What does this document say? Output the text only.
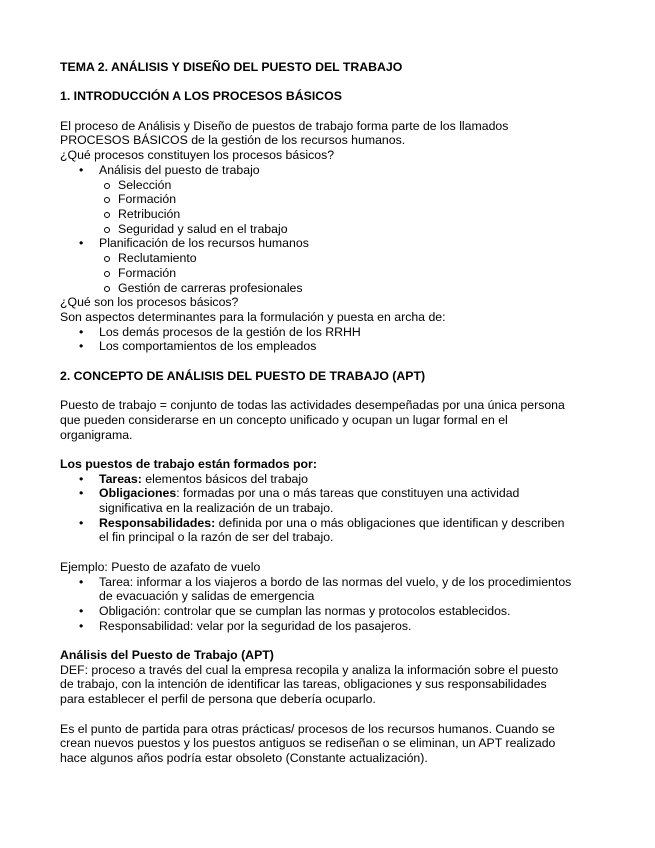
TEMA 2. ANÁLISIS Y DISEÑO DEL PUESTO DEL TRABAJO

1. INTRODUCCIÓN A LOS PROCESOS BÁSICOS

El proceso de Análisis y Diseño de puestos de trabajo forma parte de los llamados

PROCESOS BÁSICOS de la gestión de los recursos humanos.

¿Qué procesos constituyen los procesos básicos?

• Análisis del puesto de trabajo
Selección
Formación
Retribución
Seguridad y salud en el trabajo
• Planificación de los recursos humanos
Reclutamiento
Formación
Gestión de carreras profesionales

¿Qué son los procesos básicos?

Son aspectos determinantes para la formulación y puesta en archa de:

• Los demás procesos de la gestión de los RRHH
• Los comportamientos de los empleados

2. CONCEPTO DE ANÁLISIS DEL PUESTO DE TRABAJO (APT)

Puesto de trabajo = conjunto de todas las actividades desempeñadas por una única persona

que pueden considerarse en un concepto unificado y ocupan un lugar formal en el

organigrama.

Los puestos de trabajo están formados por:

• Tareas: elementos básicos del trabajo
• Obligaciones: formadas por una o más tareas que constituyen una actividad
significativa en la realización de un trabajo.
• Responsabilidades: definida por una o más obligaciones que identifican y describen
el fin principal o la razón de ser del trabajo.

Ejemplo: Puesto de azafato de vuelo

• Tarea: informar a los viajeros a bordo de las normas del vuelo, y de los procedimientos
de evacuación y salidas de emergencia
• Obligación: controlar que se cumplan las normas y protocolos establecidos.
• Responsabilidad: velar por la seguridad de los pasajeros.

Análisis del Puesto de Trabajo (APT)

DEF: proceso a través del cual la empresa recopila y analiza la información sobre el puesto

de trabajo, con la intención de identificar las tareas, obligaciones y sus responsabilidades

para establecer el perfil de persona que debería ocuparlo.

Es el punto de partida para otras prácticas/ procesos de los recursos humanos. Cuando se

crean nuevos puestos y los puestos antiguos se rediseñan o se eliminan, un APT realizado

hace algunos años podría estar obsoleto (Constante actualización).
